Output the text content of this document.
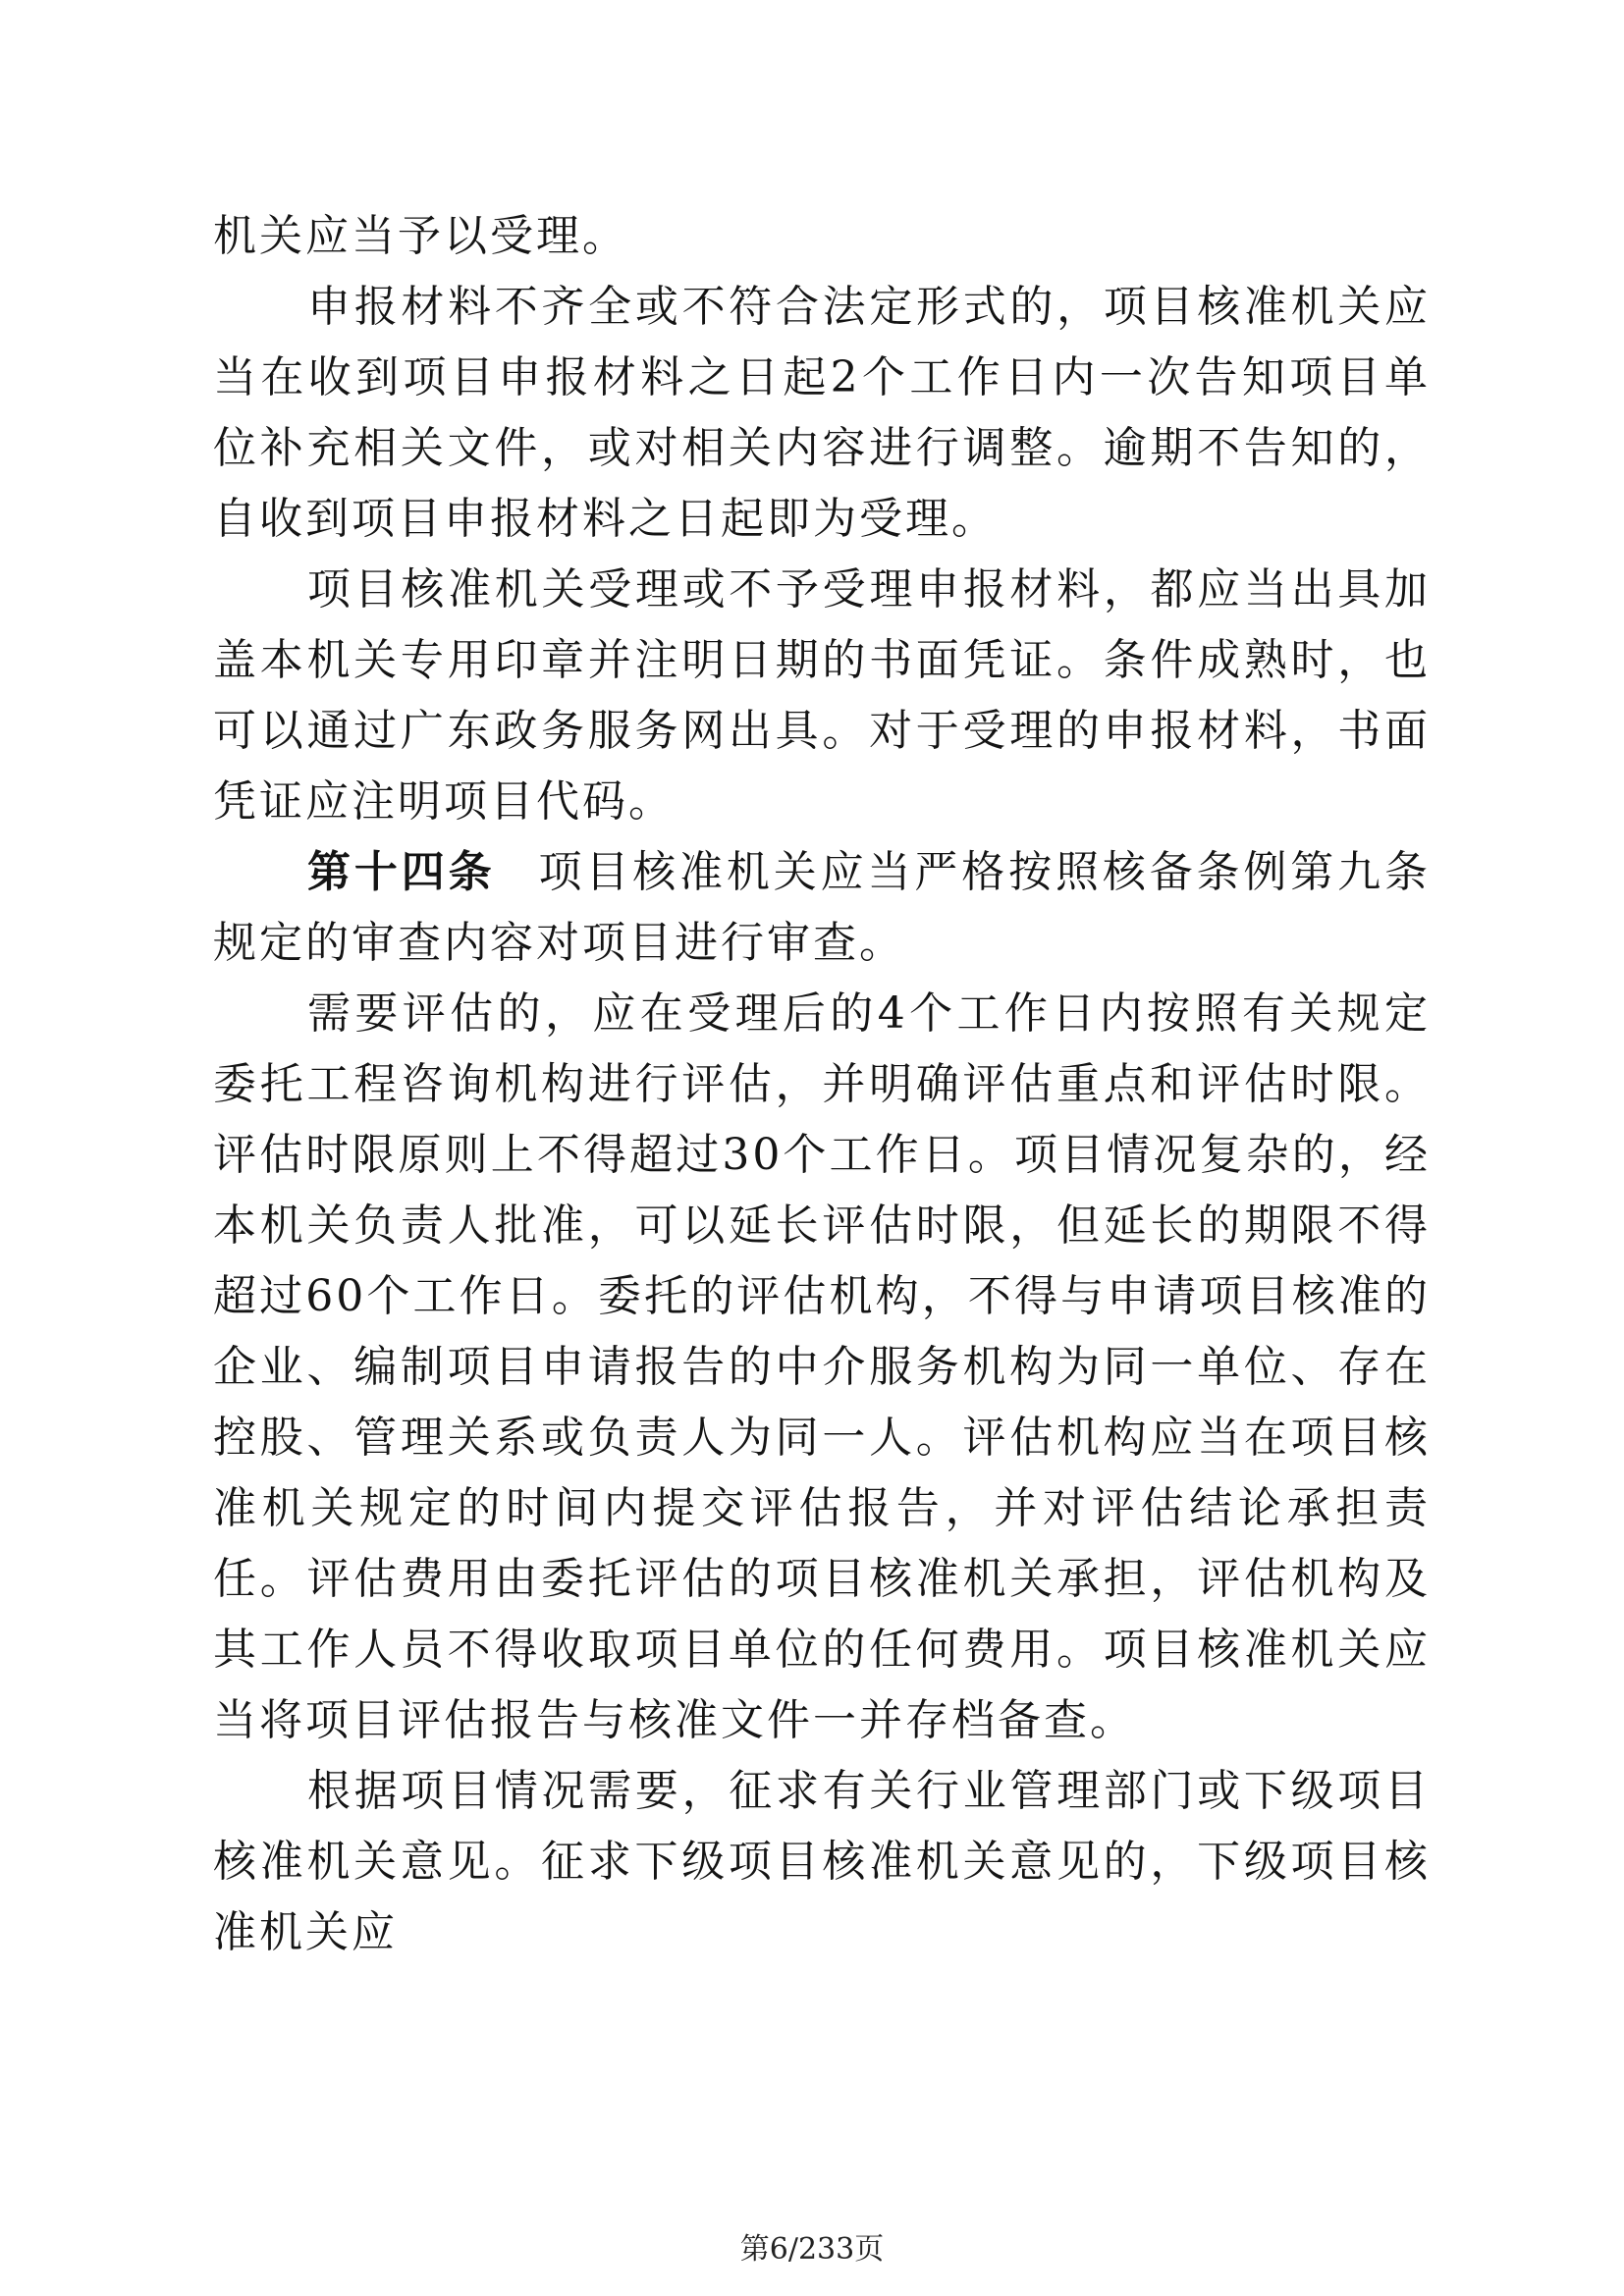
机关应当予以受理。

申报材料不齐全或不符合法定形式的，项目核准机关应当在收到项目申报材料之日起2个工作日内一次告知项目单位补充相关文件，或对相关内容进行调整。逾期不告知的，自收到项目申报材料之日起即为受理。

项目核准机关受理或不予受理申报材料，都应当出具加盖本机关专用印章并注明日期的书面凭证。条件成熟时，也可以通过广东政务服务网出具。对于受理的申报材料，书面凭证应注明项目代码。

第十四条 项目核准机关应当严格按照核备条例第九条规定的审查内容对项目进行审查。

需要评估的，应在受理后的4个工作日内按照有关规定委托工程咨询机构进行评估，并明确评估重点和评估时限。评估时限原则上不得超过30个工作日。项目情况复杂的，经本机关负责人批准，可以延长评估时限，但延长的期限不得超过60个工作日。委托的评估机构，不得与申请项目核准的企业、编制项目申请报告的中介服务机构为同一单位、存在控股、管理关系或负责人为同一人。评估机构应当在项目核准机关规定的时间内提交评估报告，并对评估结论承担责任。评估费用由委托评估的项目核准机关承担，评估机构及其工作人员不得收取项目单位的任何费用。项目核准机关应当将项目评估报告与核准文件一并存档备查。

根据项目情况需要，征求有关行业管理部门或下级项目核准机关意见。征求下级项目核准机关意见的，下级项目核准机关应

第6/233页
